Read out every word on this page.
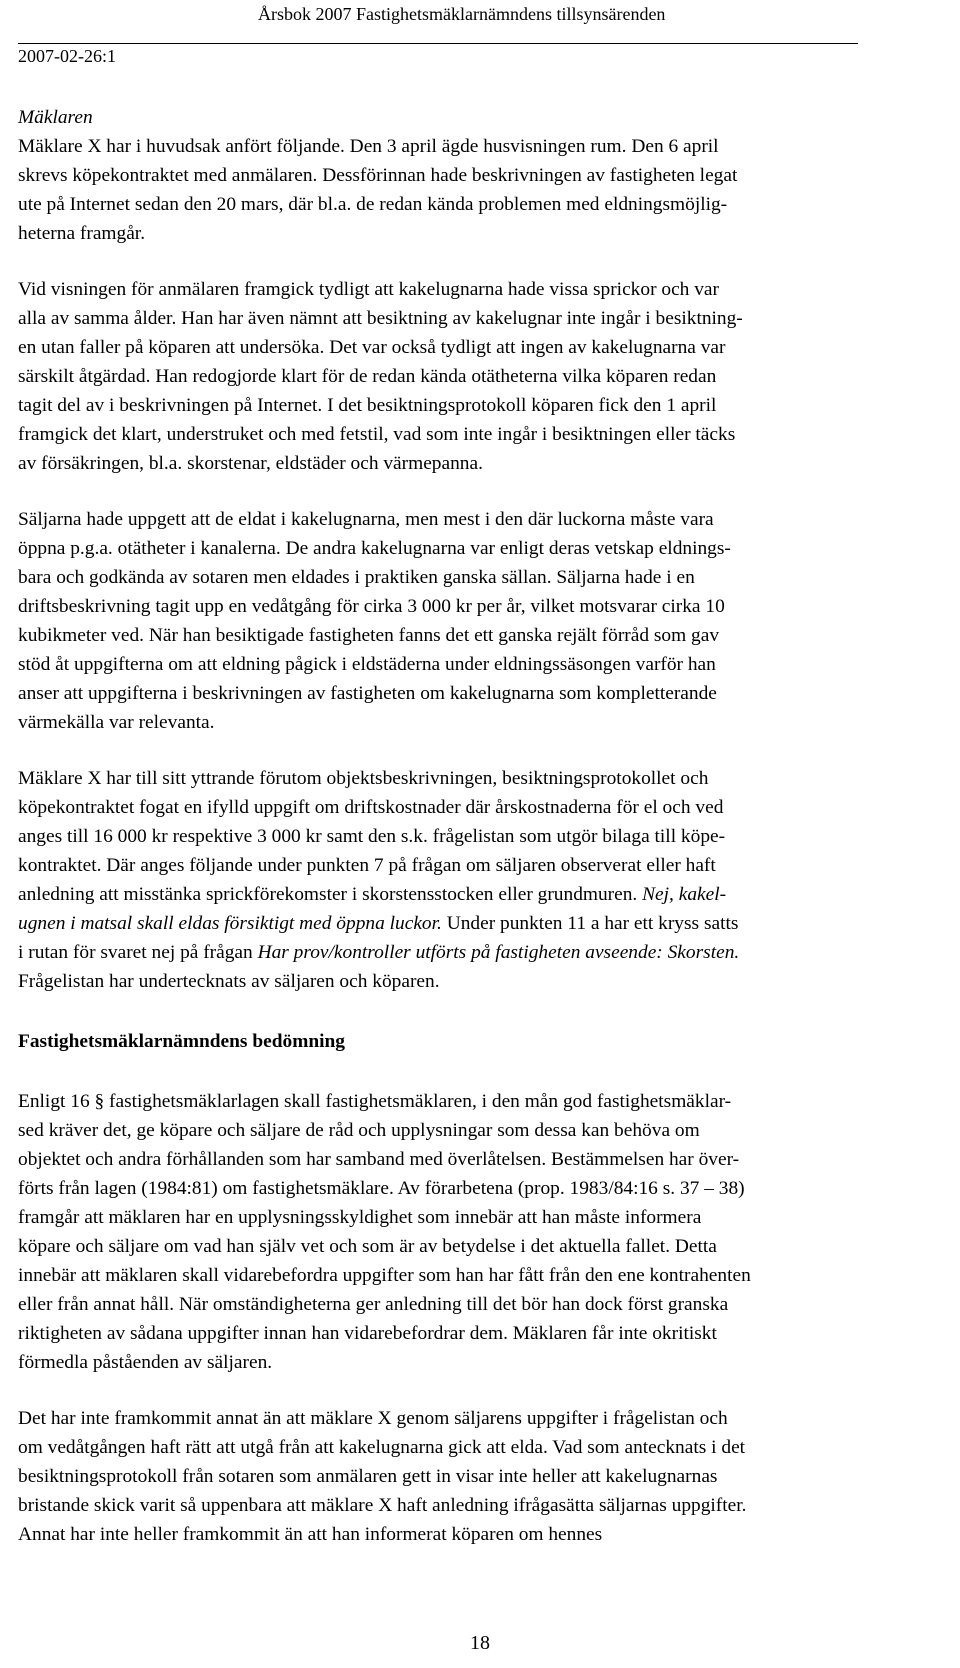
Årsbok 2007 Fastighetsmäklarnämndens tillsynsärenden
2007-02-26:1

Mäklaren

Mäklare X har i huvudsak anfört följande. Den 3 april ägde husvisningen rum. Den 6 april
skrevs köpekontraktet med anmälaren. Dessförinnan hade beskrivningen av fastigheten legat
ute på Internet sedan den 20 mars, där bl.a. de redan kända problemen med eldningsmöjlig-
heterna framgår.

Vid visningen för anmälaren framgick tydligt att kakelugnarna hade vissa sprickor och var
alla av samma ålder. Han har även nämnt att besiktning av kakelugnar inte ingår i besiktning-
en utan faller på köparen att undersöka. Det var också tydligt att ingen av kakelugnarna var
särskilt åtgärdad. Han redogjorde klart för de redan kända otätheterna vilka köparen redan
tagit del av i beskrivningen på Internet. I det besiktningsprotokoll köparen fick den 1 april
framgick det klart, understruket och med fetstil, vad som inte ingår i besiktningen eller täcks
av försäkringen, bl.a. skorstenar, eldstäder och värmepanna.

Säljarna hade uppgett att de eldat i kakelugnarna, men mest i den där luckorna måste vara
öppna p.g.a. otätheter i kanalerna. De andra kakelugnarna var enligt deras vetskap eldnings-
bara och godkända av sotaren men eldades i praktiken ganska sällan. Säljarna hade i en
driftsbeskrivning tagit upp en vedåtgång för cirka 3 000 kr per år, vilket motsvarar cirka 10
kubikmeter ved. När han besiktigade fastigheten fanns det ett ganska rejält förråd som gav
stöd åt uppgifterna om att eldning pågick i eldstäderna under eldningssäsongen varför han
anser att uppgifterna i beskrivningen av fastigheten om kakelugnarna som kompletterande
värmekälla var relevanta.

Mäklare X har till sitt yttrande förutom objektsbeskrivningen, besiktningsprotokollet och
köpekontraktet fogat en ifylld uppgift om driftskostnader där årskostnaderna för el och ved
anges till 16 000 kr respektive 3 000 kr samt den s.k. frågelistan som utgör bilaga till köpe-
kontraktet. Där anges följande under punkten 7 på frågan om säljaren observerat eller haft
anledning att misstänka sprickförekomster i skorstensstocken eller grundmuren. Nej, kakel-
ugnen i matsal skall eldas försiktigt med öppna luckor. Under punkten 11 a har ett kryss satts
i rutan för svaret nej på frågan Har prov/kontroller utförts på fastigheten avseende: Skorsten.
Frågelistan har undertecknats av säljaren och köparen.

Fastighetsmäklarnämndens bedömning

Enligt 16 § fastighetsmäklarlagen skall fastighetsmäklaren, i den mån god fastighetsmäklar-
sed kräver det, ge köpare och säljare de råd och upplysningar som dessa kan behöva om
objektet och andra förhållanden som har samband med överlåtelsen. Bestämmelsen har över-
förts från lagen (1984:81) om fastighetsmäklare. Av förarbetena (prop. 1983/84:16 s. 37 – 38)
framgår att mäklaren har en upplysningsskyldighet som innebär att han måste informera
köpare och säljare om vad han själv vet och som är av betydelse i det aktuella fallet. Detta
innebär att mäklaren skall vidarebefordra uppgifter som han har fått från den ene kontrahenten
eller från annat håll. När omständigheterna ger anledning till det bör han dock först granska
riktigheten av sådana uppgifter innan han vidarebefordrar dem. Mäklaren får inte okritiskt
förmedla påståenden av säljaren.

Det har inte framkommit annat än att mäklare X genom säljarens uppgifter i frågelistan och
om vedåtgången haft rätt att utgå från att kakelugnarna gick att elda. Vad som antecknats i det
besiktningsprotokoll från sotaren som anmälaren gett in visar inte heller att kakelugnarnas
bristande skick varit så uppenbara att mäklare X haft anledning ifrågasätta säljarnas uppgifter.
Annat har inte heller framkommit än att han informerat köparen om hennes

18
